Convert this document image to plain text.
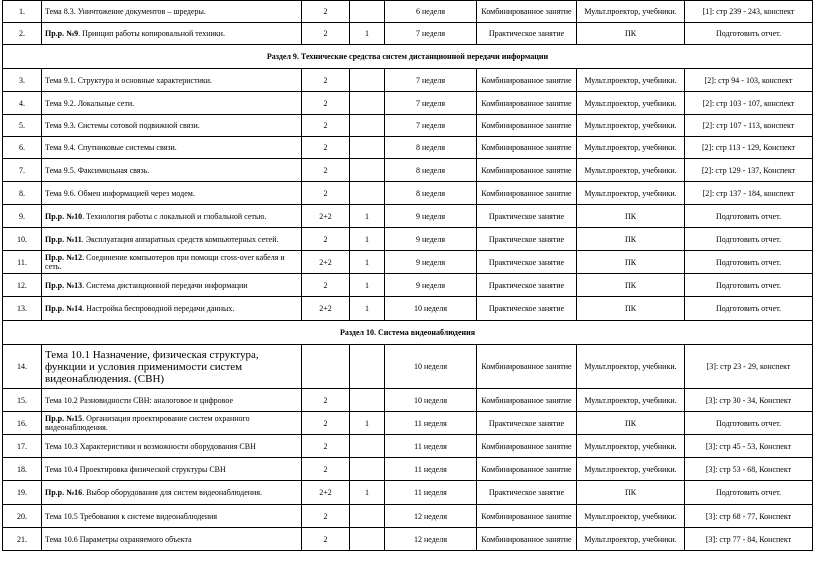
1.	Тема 8.3. Уничтожение документов – шредеры.	2		6 неделя	Комбинированное занятие	Мульт.проектор, учебники.	[1]: стр 239 - 243, конспект
2.	Пр.р. №9. Принцип работы копировальной техники.	2	1	7 неделя	Практическое занятие	ПК	Подготовить отчет.
Раздел 9. Технические средства систем дистанционной передачи информации							
3.	Тема 9.1. Структура и основные характеристики.	2		7 неделя	Комбинированное занятие	Мульт.проектор, учебники.	[2]: стр 94 - 103, конспект
4.	Тема 9.2. Локальные сети.	2		7 неделя	Комбинированное занятие	Мульт.проектор, учебники.	[2]: стр 103 - 107, конспект
5.	Тема 9.3. Системы сотовой подвижной связи.	2		7 неделя	Комбинированное занятие	Мульт.проектор, учебники.	[2]: стр 107 - 113, конспект
6.	Тема 9.4. Спутниковые системы связи.	2		8 неделя	Комбинированное занятие	Мульт.проектор, учебники.	[2]: стр 113 - 129, Конспект
7.	Тема 9.5. Факсимильная связь.	2		8 неделя	Комбинированное занятие	Мульт.проектор, учебники.	[2]: стр 129 - 137, Конспект
8.	Тема 9.6. Обмен информацией через модем.	2		8 неделя	Комбинированное занятие	Мульт.проектор, учебники.	[2]: стр 137 - 184, конспект
9.	Пр.р. №10. Технология работы с локальной и глобальной сетью.	2+2	1	9 неделя	Практическое занятие	ПК	Подготовить отчет.
10.	Пр.р. №11. Эксплуатация аппаратных средств компьютерных сетей.	2	1	9 неделя	Практическое занятие	ПК	Подготовить отчет.
11.	Пр.р. №12. Соединение компьютеров при помощи cross-over кабеля и сеть.	2+2	1	9 неделя	Практическое занятие	ПК	Подготовить отчет.
12.	Пр.р. №13. Система дистанционной передачи информации	2	1	9 неделя	Практическое занятие	ПК	Подготовить отчет.
13.	Пр.р. №14. Настройка беспроводной передачи данных.	2+2	1	10 неделя	Практическое занятие	ПК	Подготовить отчет.
Раздел 10. Система видеонаблюдения							
14.	Тема 10.1 Назначение, физическая структура, функции и условия применимости систем видеонаблюдения. (СВН)			10 неделя	Комбинированное занятие	Мульт.проектор, учебники.	[3]: стр 23 - 29, конспект
15.	Тема 10.2 Разновидности СВН: аналоговое и цифровое	2		10 неделя	Комбинированное занятие	Мульт.проектор, учебники.	[3]: стр 30 - 34, Конспект
16.	Пр.р. №15. Организация проектирование систем охранного видеонаблюдения.	2	1	11 неделя	Практическое занятие	ПК	Подготовить отчет.
17.	Тема 10.3 Характеристики и возможности оборудования СВН	2		11 неделя	Комбинированное занятие	Мульт.проектор, учебники.	[3]: стр 45 - 53, Конспект
18.	Тема 10.4 Проектировка физической структуры СВН	2		11 неделя	Комбинированное занятие	Мульт.проектор, учебники.	[3]: стр 53 - 68, Конспект
19.	Пр.р. №16. Выбор оборудования для систем видеонаблюдения.	2+2	1	11 неделя	Практическое занятие	ПК	Подготовить отчет.
20.	Тема 10.5 Требования к системе видеонаблюдения	2		12 неделя	Комбинированное занятие	Мульт.проектор, учебники.	[3]: стр 68 - 77, Конспект
21.	Тема 10.6 Параметры охраняемого объекта	2		12 неделя	Комбинированное занятие	Мульт.проектор, учебники.	[3]: стр 77 - 84, Конспект
